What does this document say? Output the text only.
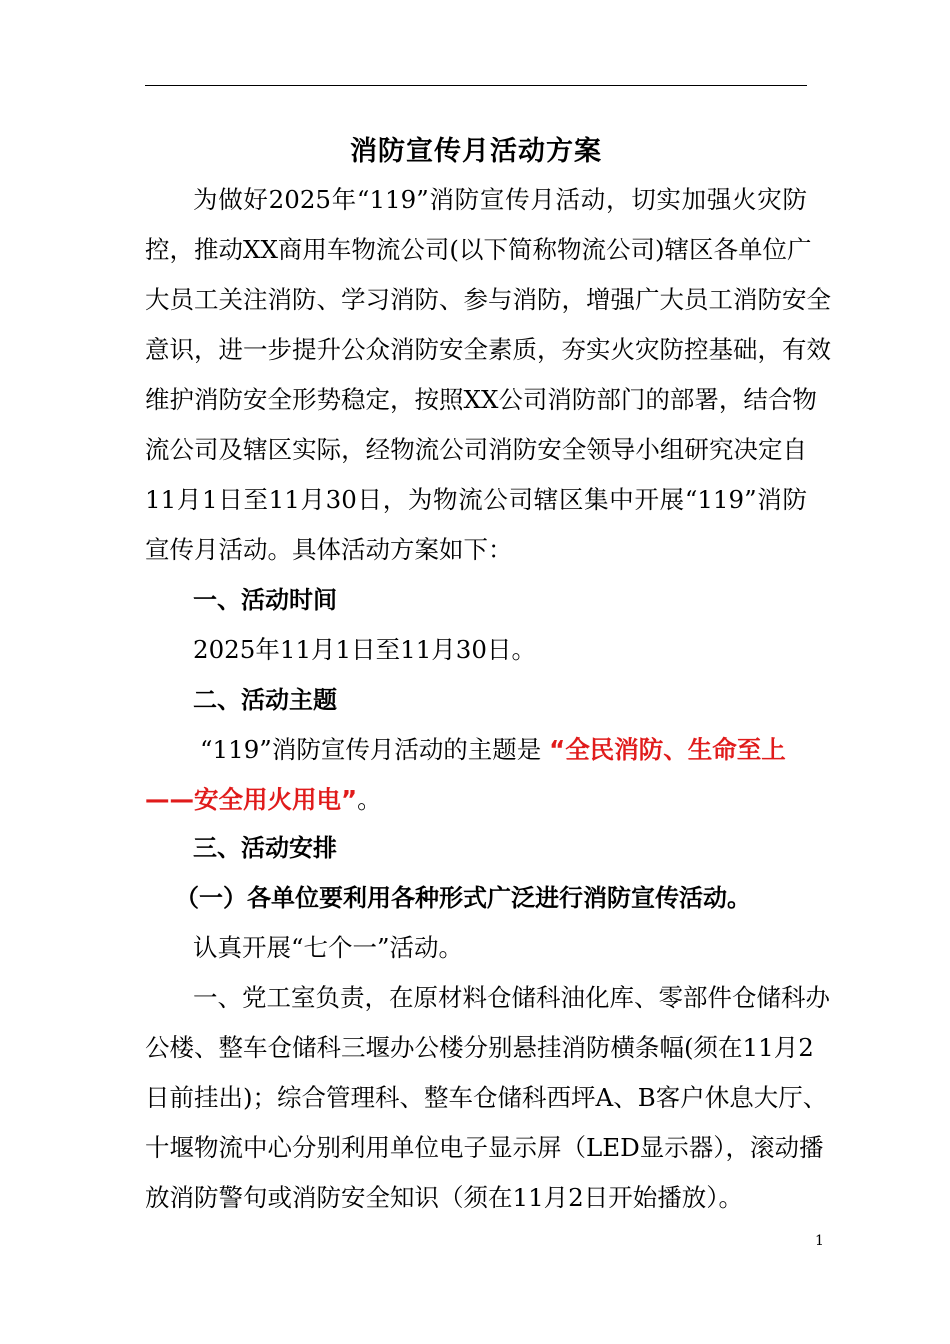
消防宣传月活动方案
为做好2025年“119”消防宣传月活动，切实加强火灾防
控，推动XX商用车物流公司(以下简称物流公司)辖区各单位广
大员工关注消防、学习消防、参与消防，增强广大员工消防安全
意识，进一步提升公众消防安全素质，夯实火灾防控基础，有效
维护消防安全形势稳定，按照XX公司消防部门的部署，结合物
流公司及辖区实际，经物流公司消防安全领导小组研究决定自
11月1日至11月30日，为物流公司辖区集中开展“119”消防
宣传月活动。具体活动方案如下：
一、活动时间
2025年11月1日至11月30日。
二、活动主题
“119”消防宣传月活动的主题是 “全民消防、生命至上
——安全用火用电”。
三、活动安排
（一）各单位要利用各种形式广泛进行消防宣传活动。
认真开展“七个一”活动。
一、党工室负责，在原材料仓储科油化库、零部件仓储科办
公楼、整车仓储科三堰办公楼分别悬挂消防横条幅(须在11月2
日前挂出)；综合管理科、整车仓储科西坪A、B客户休息大厅、
十堰物流中心分别利用单位电子显示屏（LED显示器），滚动播
放消防警句或消防安全知识（须在11月2日开始播放）。
1
